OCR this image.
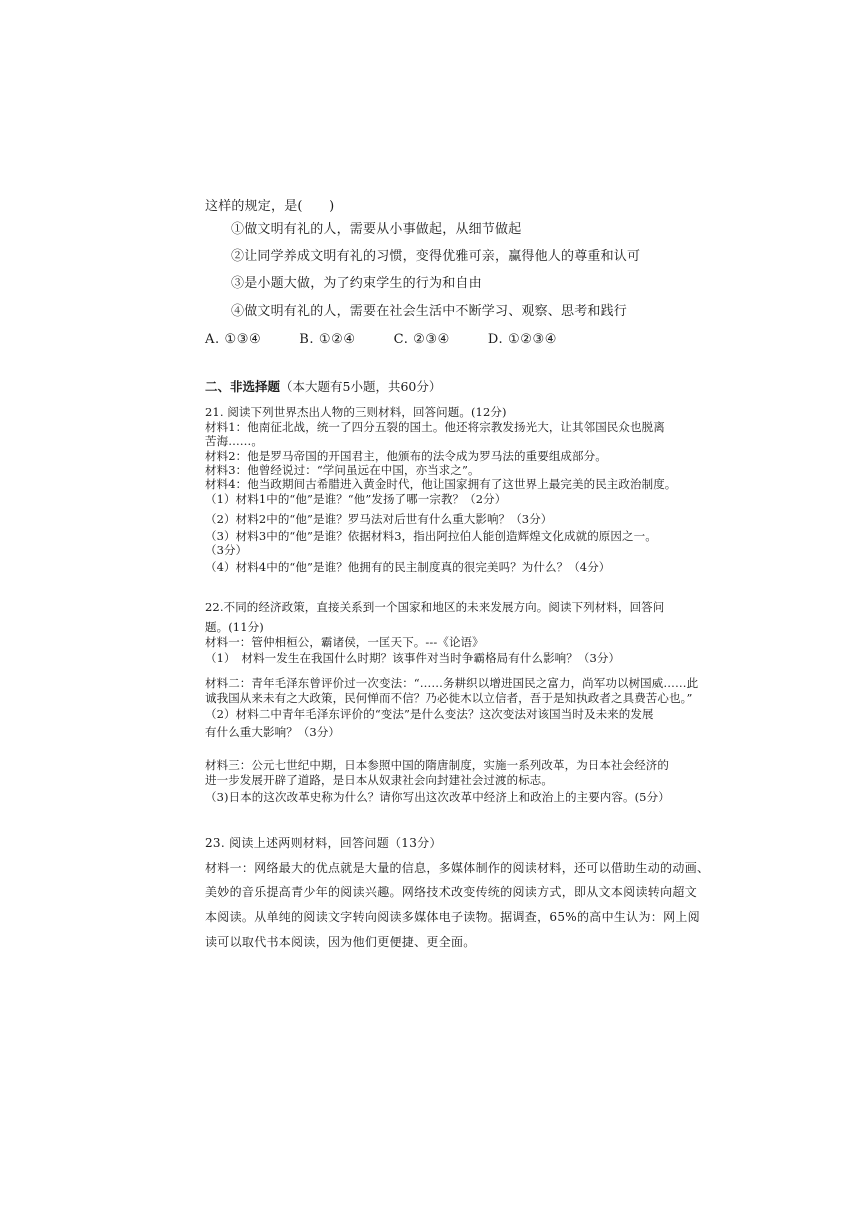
这样的规定，是(　　)
①做文明有礼的人，需要从小事做起，从细节做起
②让同学养成文明有礼的习惯，变得优雅可亲，赢得他人的尊重和认可
③是小题大做，为了约束学生的行为和自由
④做文明有礼的人，需要在社会生活中不断学习、观察、思考和践行
A. ①③④	B. ①②④	C. ②③④	D. ①②③④
二、非选择题（本大题有5小题，共60分）
21. 阅读下列世界杰出人物的三则材料，回答问题。(12分)
材料1：他南征北战，统一了四分五裂的国土。他还将宗教发扬光大，让其邻国民众也脱离
苦海……。
材料2：他是罗马帝国的开国君主，他颁布的法令成为罗马法的重要组成部分。
材料3：他曾经说过：“学问虽远在中国，亦当求之”。
材料4：他当政期间古希腊进入黄金时代，他让国家拥有了这世界上最完美的民主政治制度。
（1）材料1中的“他”是谁？“他”发扬了哪一宗教？（2分）
（2）材料2中的“他”是谁？罗马法对后世有什么重大影响？（3分）
（3）材料3中的“他”是谁？依据材料3，指出阿拉伯人能创造辉煌文化成就的原因之一。
（3分）
（4）材料4中的“他”是谁？他拥有的民主制度真的很完美吗？为什么？（4分）
22.不同的经济政策，直接关系到一个国家和地区的未来发展方向。阅读下列材料，回答问
题。(11分)
材料一：管仲相桓公，霸诸侯，一匡天下。---《论语》
（1）　材料一发生在我国什么时期？该事件对当时争霸格局有什么影响？（3分）
材料二：青年毛泽东曾评价过一次变法：“……务耕织以增进国民之富力，尚军功以树国威……此
诚我国从来未有之大政策，民何惮而不信？乃必徙木以立信者，吾于是知执政者之具费苦心也。”
（2）材料二中青年毛泽东评价的“变法”是什么变法？这次变法对该国当时及未来的发展
有什么重大影响？（3分）
材料三：公元七世纪中期，日本参照中国的隋唐制度，实施一系列改革，为日本社会经济的
进一步发展开辟了道路，是日本从奴隶社会向封建社会过渡的标志。
（3)日本的这次改革史称为什么？请你写出这次改革中经济上和政治上的主要内容。(5分）
23. 阅读上述两则材料，回答问题（13分）
材料一：网络最大的优点就是大量的信息，多媒体制作的阅读材料，还可以借助生动的动画、
美妙的音乐提高青少年的阅读兴趣。网络技术改变传统的阅读方式，即从文本阅读转向超文
本阅读。从单纯的阅读文字转向阅读多媒体电子读物。据调查，65%的高中生认为：网上阅
读可以取代书本阅读，因为他们更便捷、更全面。
